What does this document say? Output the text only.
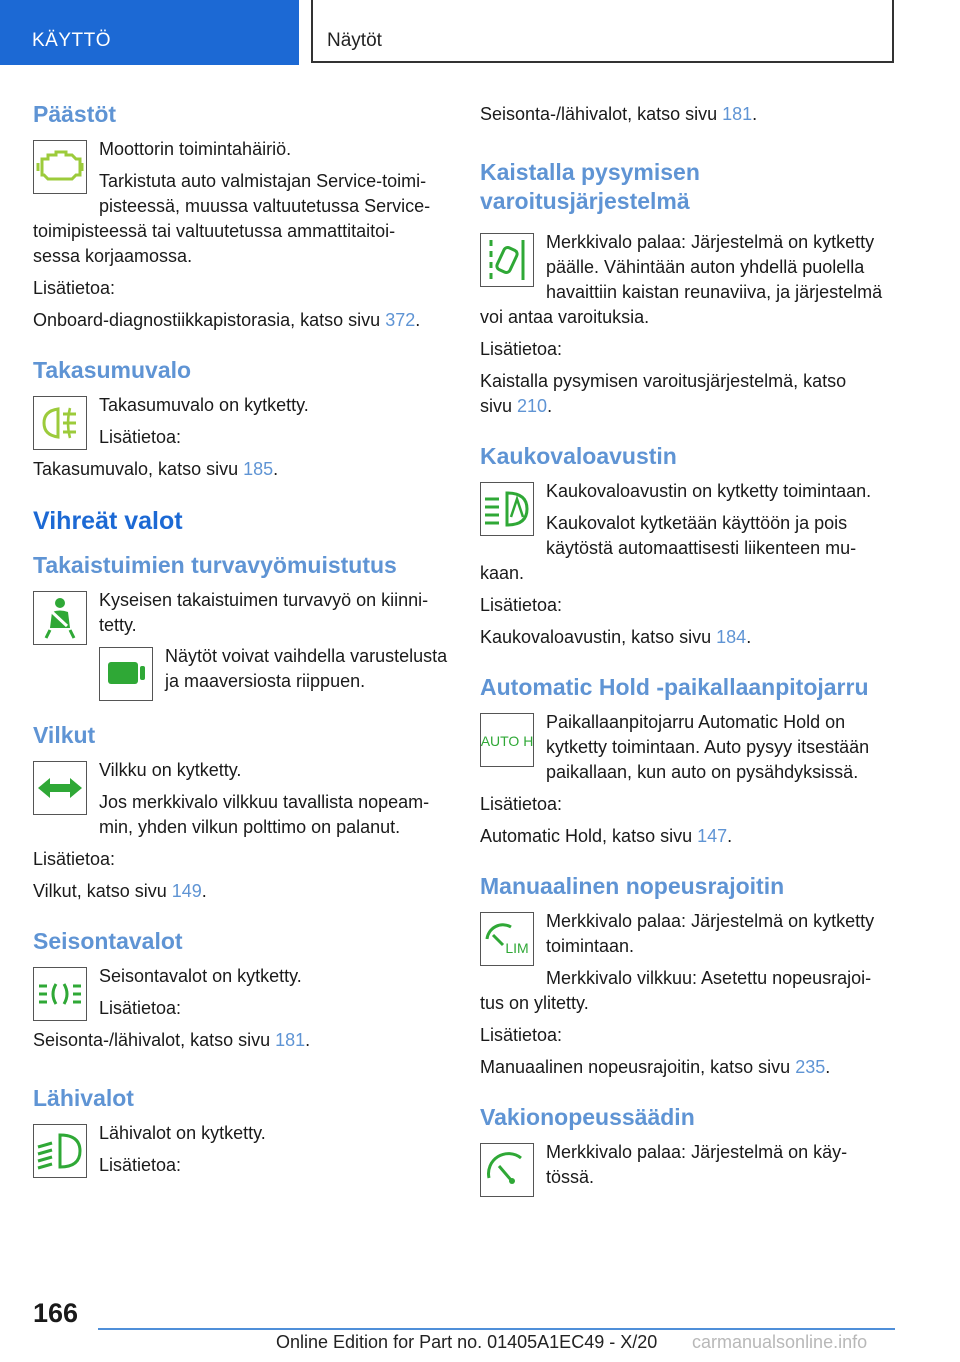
KÄYTTÖ	Näytöt
Päästöt

Moottorin toimintahäiriö.

Tarkistuta auto valmistajan Service-toimi-
pisteessä, muussa valtuutetussa Service-

toimipisteessä tai valtuutetussa ammattitaitoi-
sessa korjaamossa.

Lisätietoa:

Onboard-diagnostiikkapistorasia, katso sivu 372.

Takasumuvalo

Takasumuvalo on kytketty.

Lisätietoa:

Takasumuvalo, katso sivu 185.

Vihreät valot
Takaistuimien turvavyömuistutus

Kyseisen takaistuimen turvavyö on kiinni-
tetty.

Näytöt voivat vaihdella varustelusta ja maaversiosta riippuen.

Vilkut

Vilkku on kytketty.

Jos merkkivalo vilkkuu tavallista nopeam-
min, yhden vilkun polttimo on palanut.

Lisätietoa:

Vilkut, katso sivu 149.

Seisontavalot

Seisontavalot on kytketty.

Lisätietoa:

Seisonta-/lähivalot, katso sivu 181.

Lähivalot

Lähivalot on kytketty.

Lisätietoa:

Seisonta-/lähivalot, katso sivu 181.

Kaistalla pysymisen
varoitusjärjestelmä

Merkkivalo palaa: Järjestelmä on kytketty
päälle. Vähintään auton yhdellä puolella
havaittiin kaistan reunaviiva, ja järjestelmä

voi antaa varoituksia.

Lisätietoa:

Kaistalla pysymisen varoitusjärjestelmä, katso
sivu 210.

Kaukovaloavustin

Kaukovaloavustin on kytketty toimintaan.

Kaukovalot kytketään käyttöön ja pois
käytöstä automaattisesti liikenteen mu-

kaan.

Lisätietoa:

Kaukovaloavustin, katso sivu 184.

Automatic Hold -paikallaanpitojarru
AUTO H

Paikallaanpitojarru Automatic Hold on
kytketty toimintaan. Auto pysyy itsestään
paikallaan, kun auto on pysähdyksissä.

Lisätietoa:

Automatic Hold, katso sivu 147.

Manuaalinen nopeusrajoitin
LIM

Merkkivalo palaa: Järjestelmä on kytketty
toimintaan.

Merkkivalo vilkkuu: Asetettu nopeusrajoi-

tus on ylitetty.

Lisätietoa:

Manuaalinen nopeusrajoitin, katso sivu 235.

Vakionopeussäädin

Merkkivalo palaa: Järjestelmä on käy-
tössä.

166
Online Edition for Part no. 01405A1EC49 - X/20 carmanualsonline.info
